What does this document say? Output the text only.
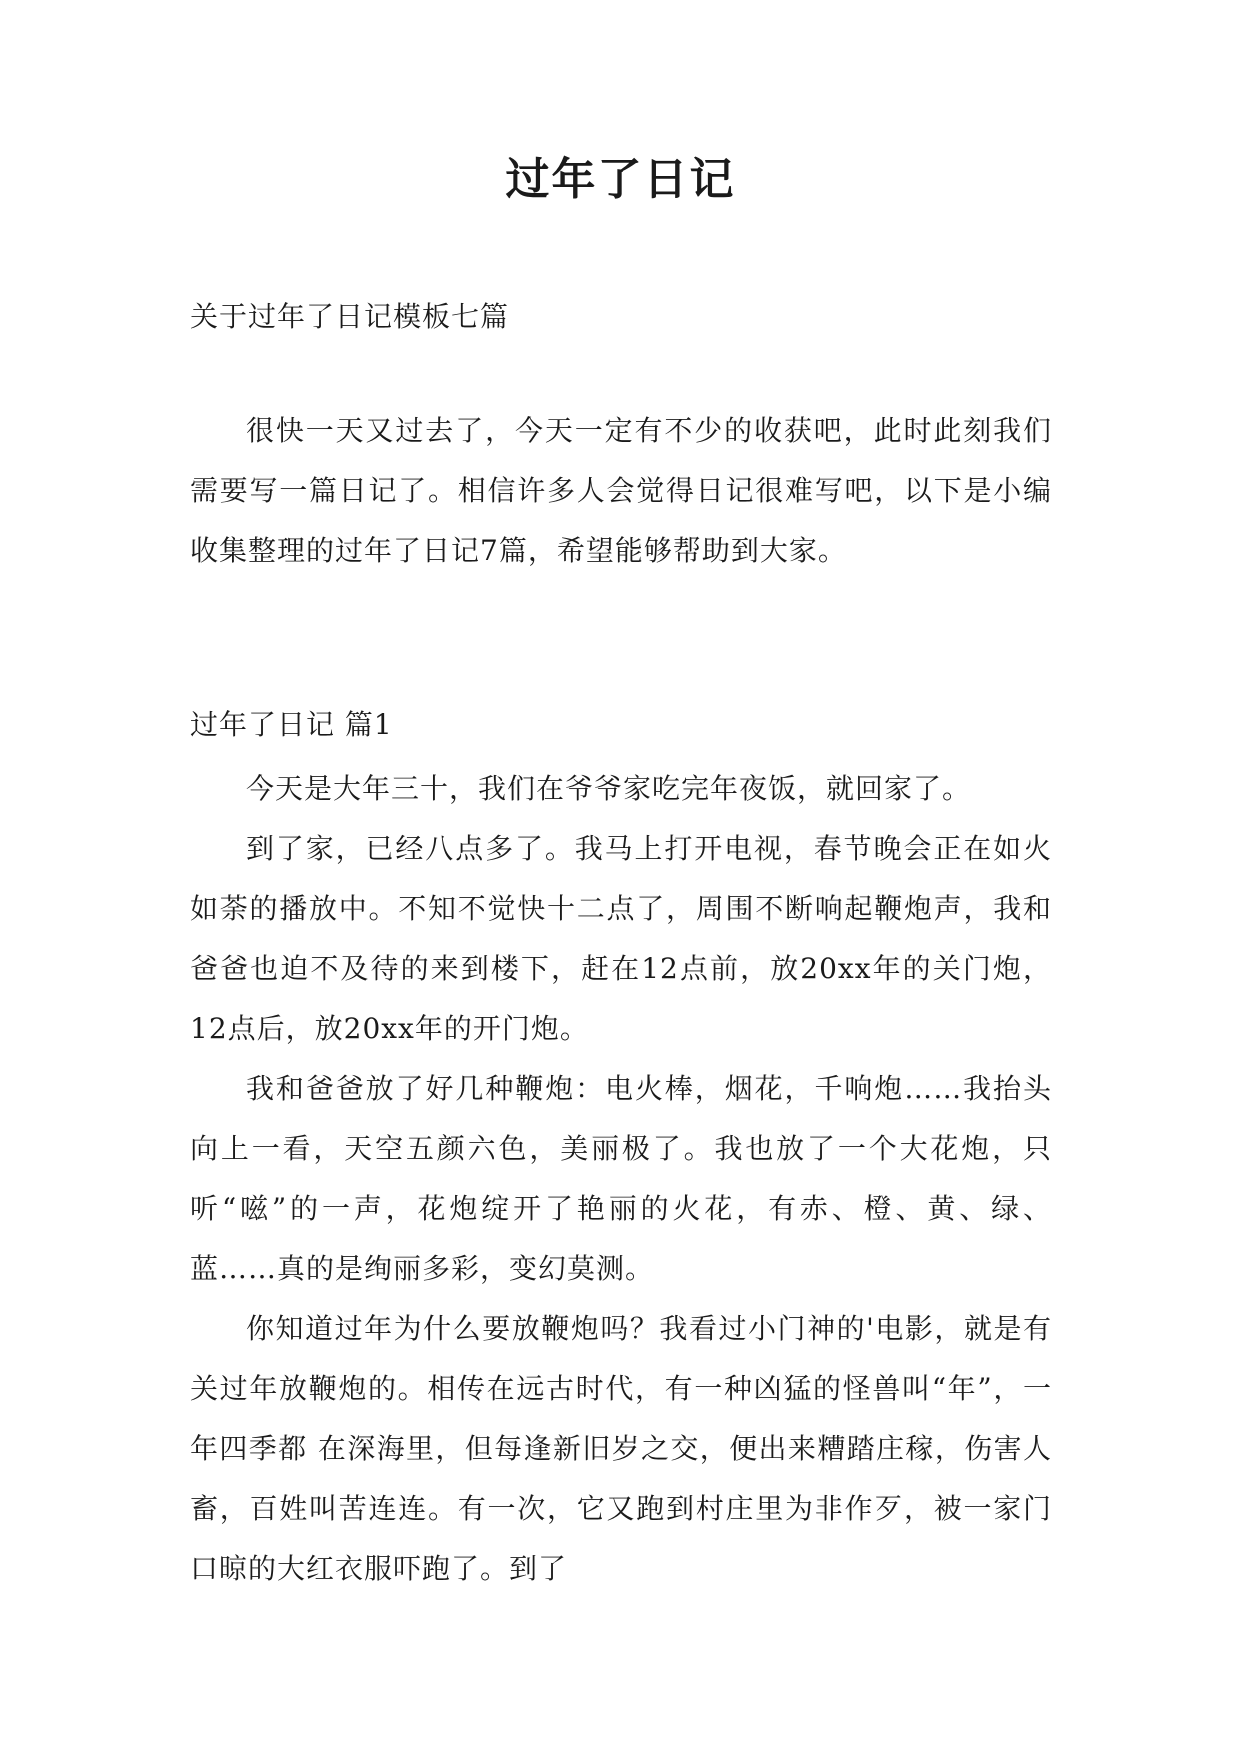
过年了日记

关于过年了日记模板七篇

很快一天又过去了，今天一定有不少的收获吧，此时此刻我们需要写一篇日记了。相信许多人会觉得日记很难写吧，以下是小编收集整理的过年了日记7篇，希望能够帮助到大家。

过年了日记 篇1

今天是大年三十，我们在爷爷家吃完年夜饭，就回家了。

到了家，已经八点多了。我马上打开电视，春节晚会正在如火如荼的播放中。不知不觉快十二点了，周围不断响起鞭炮声，我和爸爸也迫不及待的来到楼下，赶在12点前，放20xx年的关门炮，12点后，放20xx年的开门炮。

我和爸爸放了好几种鞭炮：电火棒，烟花，千响炮……我抬头向上一看，天空五颜六色，美丽极了。我也放了一个大花炮，只听“嗞”的一声，花炮绽开了艳丽的火花，有赤、橙、黄、绿、蓝……真的是绚丽多彩，变幻莫测。

你知道过年为什么要放鞭炮吗？我看过小门神的'电影，就是有关过年放鞭炮的。相传在远古时代，有一种凶猛的怪兽叫“年”，一年四季都 在深海里，但每逢新旧岁之交，便出来糟踏庄稼，伤害人畜，百姓叫苦连连。有一次，它又跑到村庄里为非作歹，被一家门口晾的大红衣服吓跑了。到了
